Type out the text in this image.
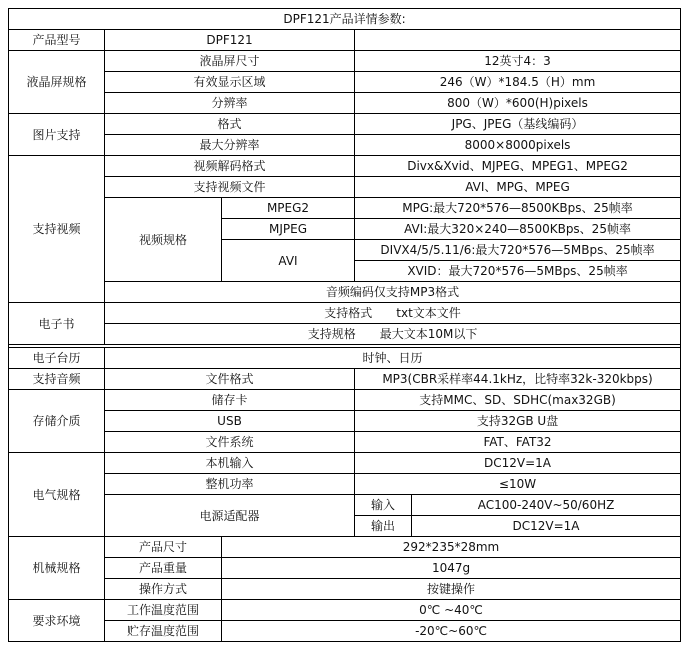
DPF121产品详情参数:				
产品型号	DPF121			
液晶屏规格	液晶屏尺寸		12英寸4：3	
	有效显示区域		246（W）*184.5（H）mm	
	分辨率		800（W）*600(H)pixels	
图片支持	格式		JPG、JPEG（基线编码）	
	最大分辨率		8000×8000pixels	
支持视频	视频解码格式		Divx&Xvid、MJPEG、MPEG1、MPEG2	
	支持视频文件		AVI、MPG、MPEG	
	视频规格	MPEG2	MPG:最大720*576—8500KBps、25帧率	
		MJPEG	AVI:最大320×240—8500KBps、25帧率	
		AVI	DIVX4/5/5.11/6:最大720*576—5MBps、25帧率	
			XVID：最大720*576—5MBps、25帧率	
	音频编码仅支持MP3格式			
电子书	支持格式　　txt文本文件			
	支持规格　　最大文本10M以下			

电子台历	时钟、日历			
支持音频	文件格式		MP3(CBR采样率44.1kHz，比特率32k-320kbps)	
存储介质	储存卡		支持MMC、SD、SDHC(max32GB)	
	USB		支持32GB U盘	
	文件系统		FAT、FAT32	
电气规格	本机输入		DC12V=1A	
	整机功率		≤10W	
	电源适配器		输入	AC100-240V~50/60HZ
			输出	DC12V=1A
机械规格	产品尺寸	292*235*28mm		
	产品重量	1047g		
	操作方式	按键操作		
要求环境	工作温度范围	0℃ ~40℃		
	贮存温度范围	-20℃~60℃		
